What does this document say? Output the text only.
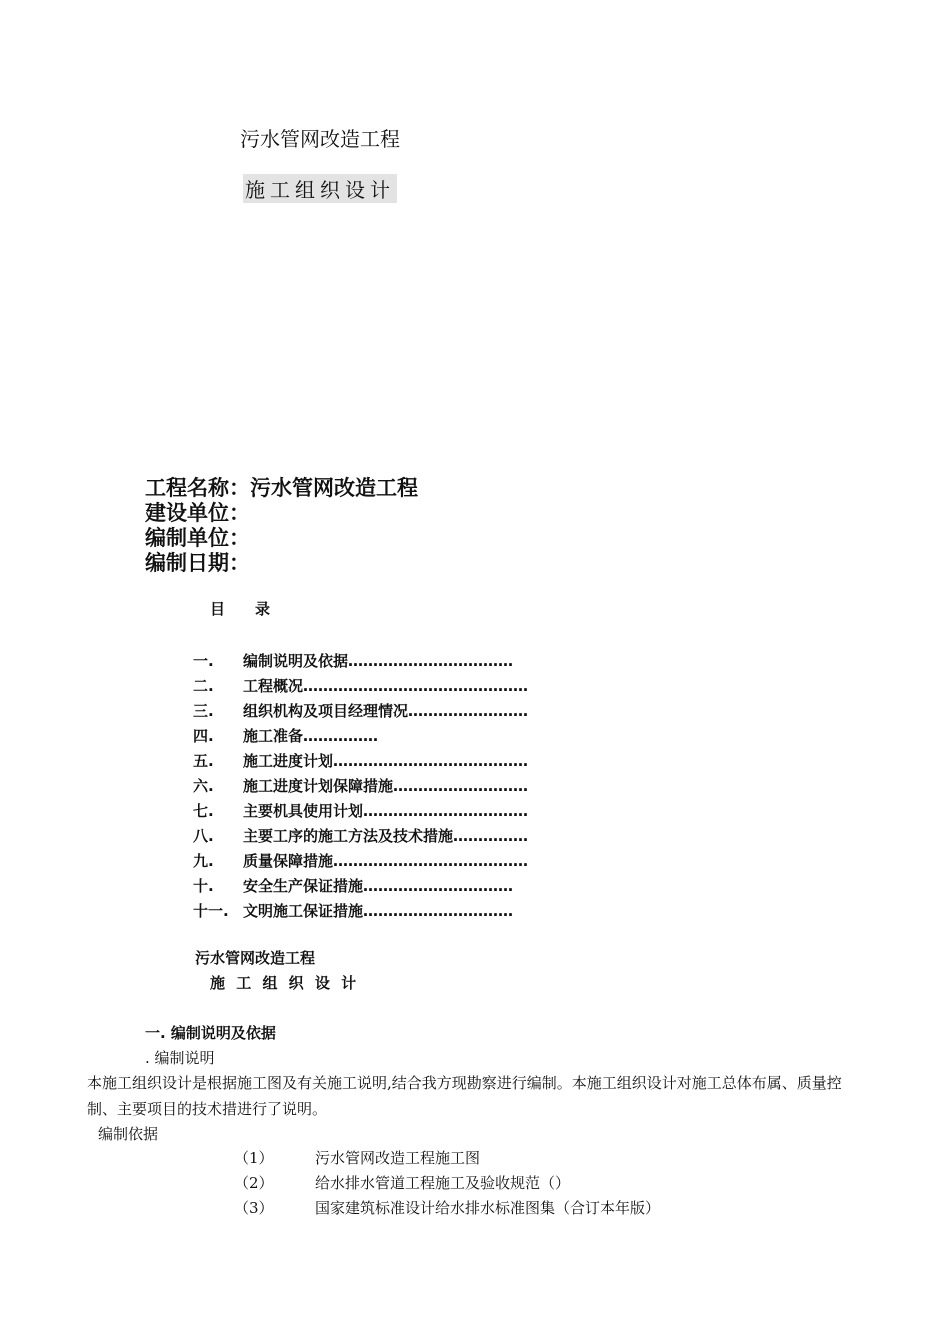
污水管网改造工程
施工组织设计
工程名称：污水管网改造工程
建设单位：
编制单位：
编制日期：
目　　录
一. 编制说明及依据……………………………
二. 工程概况………………………………………
三. 组织机构及项目经理情况……………………
四. 施工准备……………
五. 施工进度计划…………………………………
六. 施工进度计划保障措施………………………
七. 主要机具使用计划……………………………
八. 主要工序的施工方法及技术措施……………
九. 质量保障措施…………………………………
十. 安全生产保证措施…………………………
十一. 文明施工保证措施…………………………
污水管网改造工程
施 工 组 织 设 计
一. 编制说明及依据
. 编制说明
本施工组织设计是根据施工图及有关施工说明,结合我方现勘察进行编制。本施工组织设计对施工总体布属、质量控制、主要项目的技术措进行了说明。
编制依据
（1）	污水管网改造工程施工图
（2）	给水排水管道工程施工及验收规范（）
（3）	国家建筑标准设计给水排水标准图集（合订本年版）
